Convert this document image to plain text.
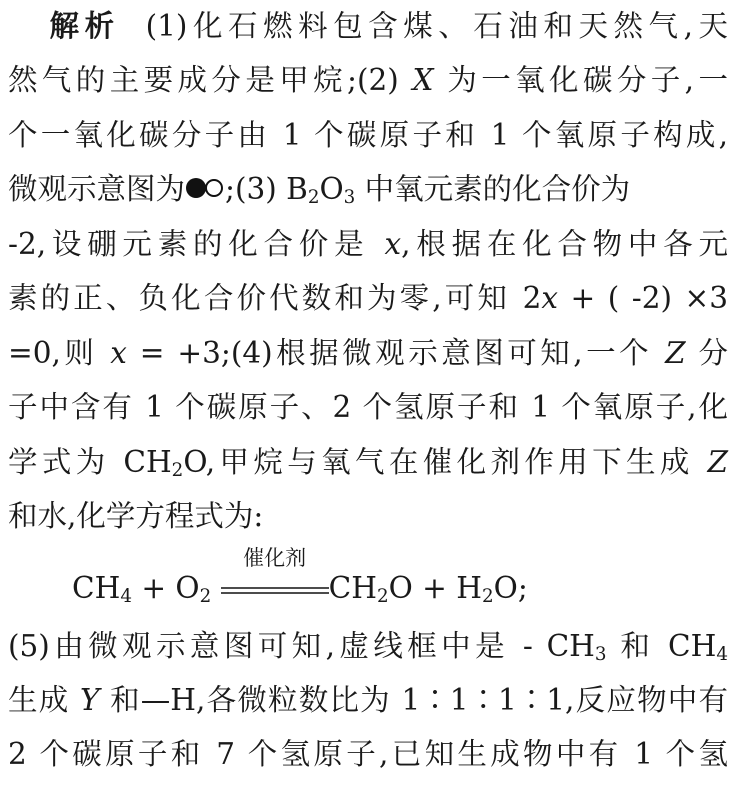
解析 (1)化石燃料包含煤、石油和天然气,天
然气的主要成分是甲烷;(2) X 为一氧化碳分子,一
个一氧化碳分子由 1 个碳原子和 1 个氧原子构成,
微观示意图为 ;(3) $B_2O_3$ 中氧元素的化合价为
-2,设硼元素的化合价是 x,根据在化合物中各元
素的正、负化合价代数和为零,可知 2x + ( -2) ×3
=0,则 x = +3;(4)根据微观示意图可知,一个 Z 分
子中含有 1 个碳原子、2 个氢原子和 1 个氧原子,化
学式为 $CH_2O$,甲烷与氧气在催化剂作用下生成 Z
和水,化学方程式为:
$CH_4 + O_2$
催化剂
$CH_2O + H_2O$;
(5)由微观示意图可知,虚线框中是 - $CH_3$ 和 $CH_4$
生成 Y 和—H,各微粒数比为 1∶1∶1∶1,反应物中有
2 个碳原子和 7 个氢原子,已知生成物中有 1 个氢
